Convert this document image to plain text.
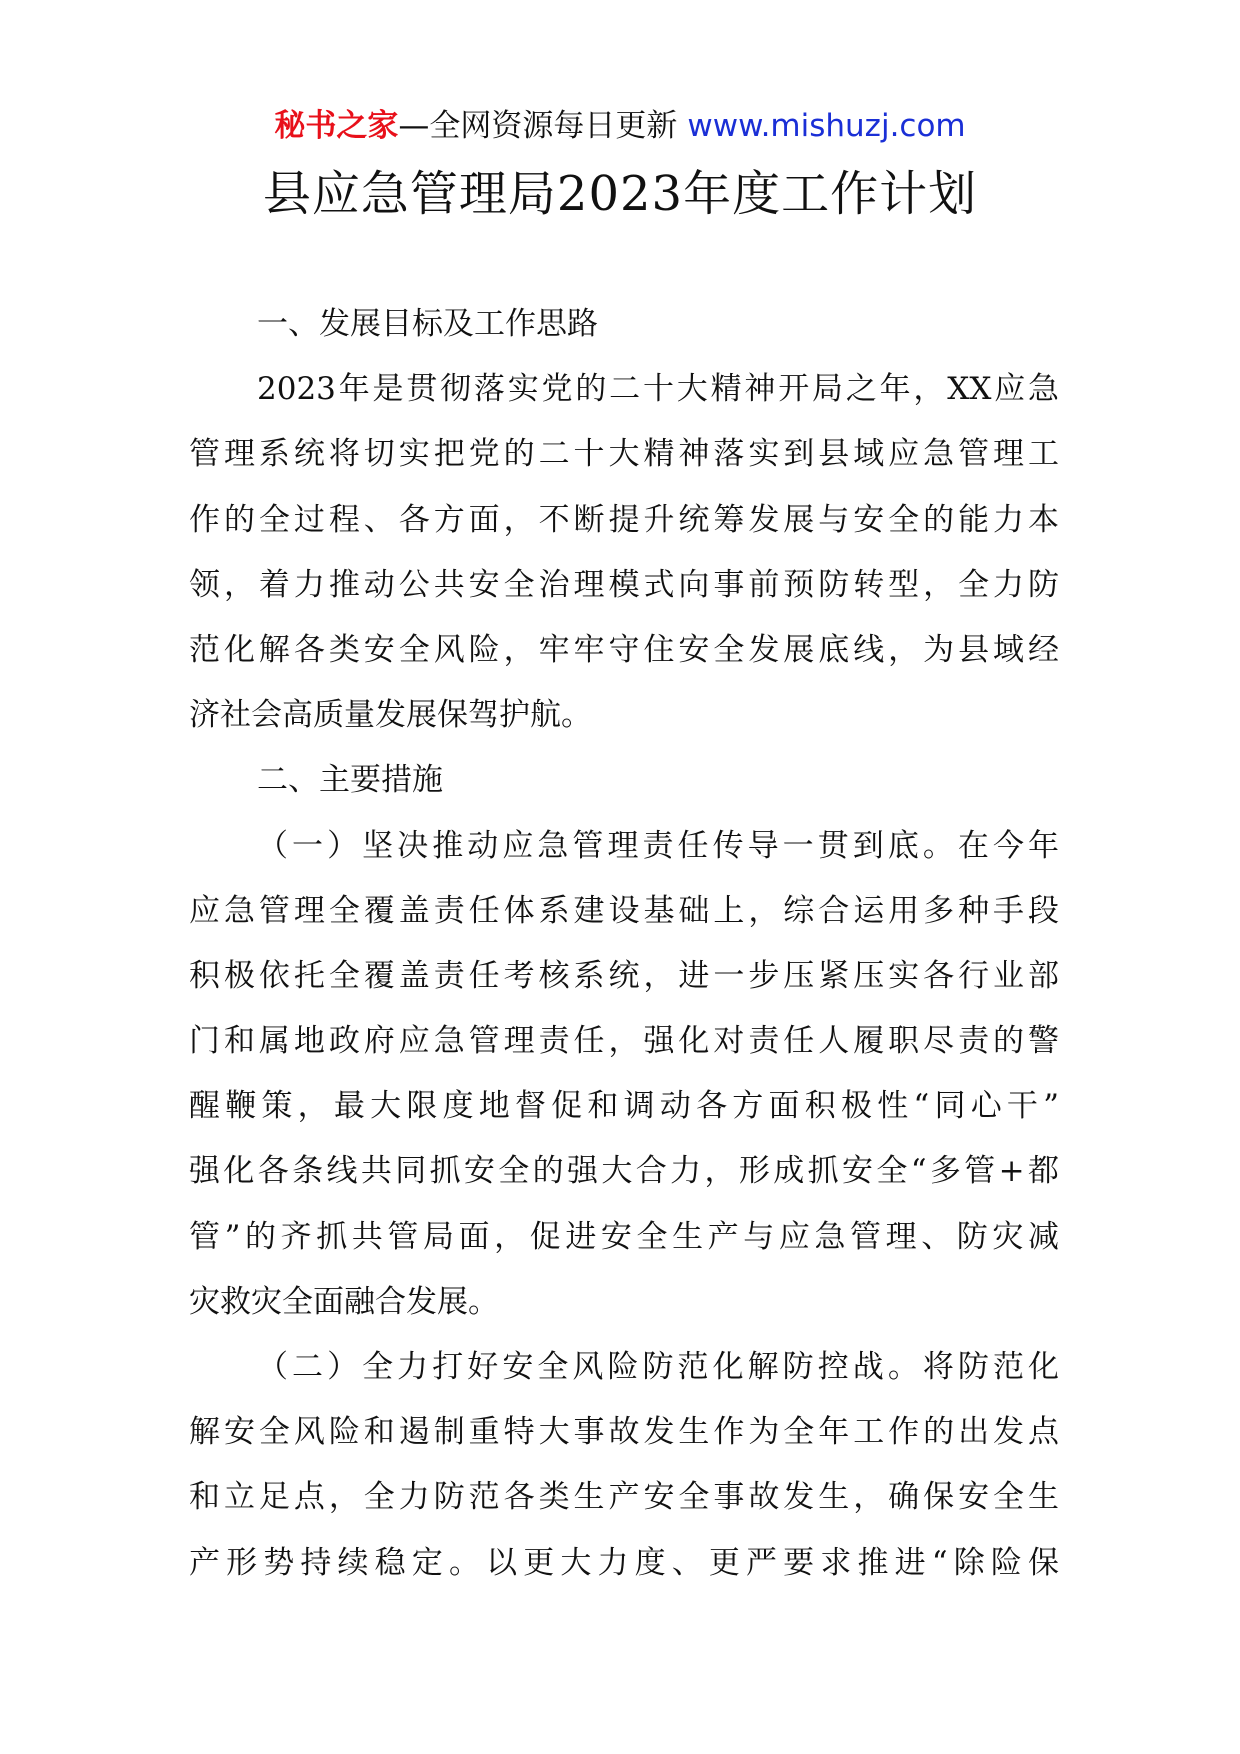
秘书之家—全网资源每日更新 www.mishuzj.com
县应急管理局2023年度工作计划
一、发展目标及工作思路
2023年是贯彻落实党的二十大精神开局之年，XX应急
管理系统将切实把党的二十大精神落实到县域应急管理工
作的全过程、各方面，不断提升统筹发展与安全的能力本
领，着力推动公共安全治理模式向事前预防转型，全力防
范化解各类安全风险，牢牢守住安全发展底线，为县域经
济社会高质量发展保驾护航。
二、主要措施
（一）坚决推动应急管理责任传导一贯到底。在今年
应急管理全覆盖责任体系建设基础上，综合运用多种手段
积极依托全覆盖责任考核系统，进一步压紧压实各行业部
门和属地政府应急管理责任，强化对责任人履职尽责的警
醒鞭策，最大限度地督促和调动各方面积极性“同心干”
强化各条线共同抓安全的强大合力，形成抓安全“多管+都
管”的齐抓共管局面，促进安全生产与应急管理、防灾减
灾救灾全面融合发展。
（二）全力打好安全风险防范化解防控战。将防范化
解安全风险和遏制重特大事故发生作为全年工作的出发点
和立足点，全力防范各类生产安全事故发生，确保安全生
产形势持续稳定。以更大力度、更严要求推进“除险保
